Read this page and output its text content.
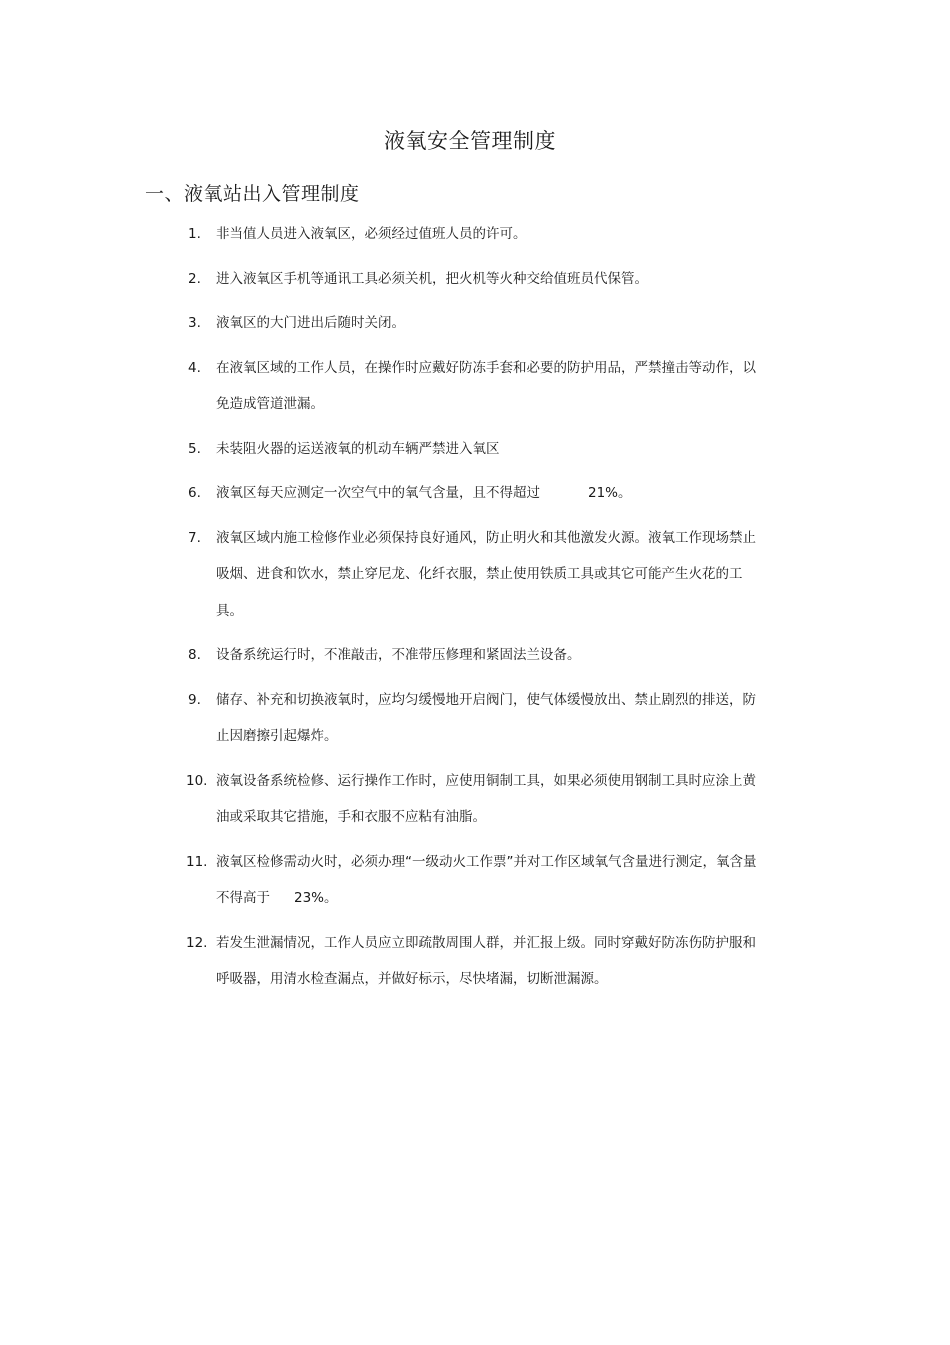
液氧安全管理制度
一、液氧站出入管理制度
1.	非当值人员进入液氧区，必须经过值班人员的许可。
2.	进入液氧区手机等通讯工具必须关机，把火机等火种交给值班员代保管。
3.	液氧区的大门进出后随时关闭。
4.	在液氧区域的工作人员，在操作时应戴好防冻手套和必要的防护用品，严禁撞击等动作，以免造成管道泄漏。
5.	未装阻火器的运送液氧的机动车辆严禁进入氧区
6.	液氧区每天应测定一次空气中的氧气含量，且不得超过	21%。
7.	液氧区域内施工检修作业必须保持良好通风，防止明火和其他激发火源。液氧工作现场禁止吸烟、进食和饮水，禁止穿尼龙、化纤衣服，禁止使用铁质工具或其它可能产生火花的工具。
8.	设备系统运行时，不准敲击，不准带压修理和紧固法兰设备。
9.	储存、补充和切换液氧时，应均匀缓慢地开启阀门，使气体缓慢放出、禁止剧烈的排送，防止因磨擦引起爆炸。
10. 液氧设备系统检修、运行操作工作时，应使用铜制工具，如果必须使用钢制工具时应涂上黄油或采取其它措施，手和衣服不应粘有油脂。
11. 液氧区检修需动火时，必须办理“一级动火工作票”并对工作区域氧气含量进行测定，氧含量不得高于 23%。
12. 若发生泄漏情况，工作人员应立即疏散周围人群，并汇报上级。同时穿戴好防冻伤防护服和呼吸器，用清水检查漏点，并做好标示，尽快堵漏，切断泄漏源。
